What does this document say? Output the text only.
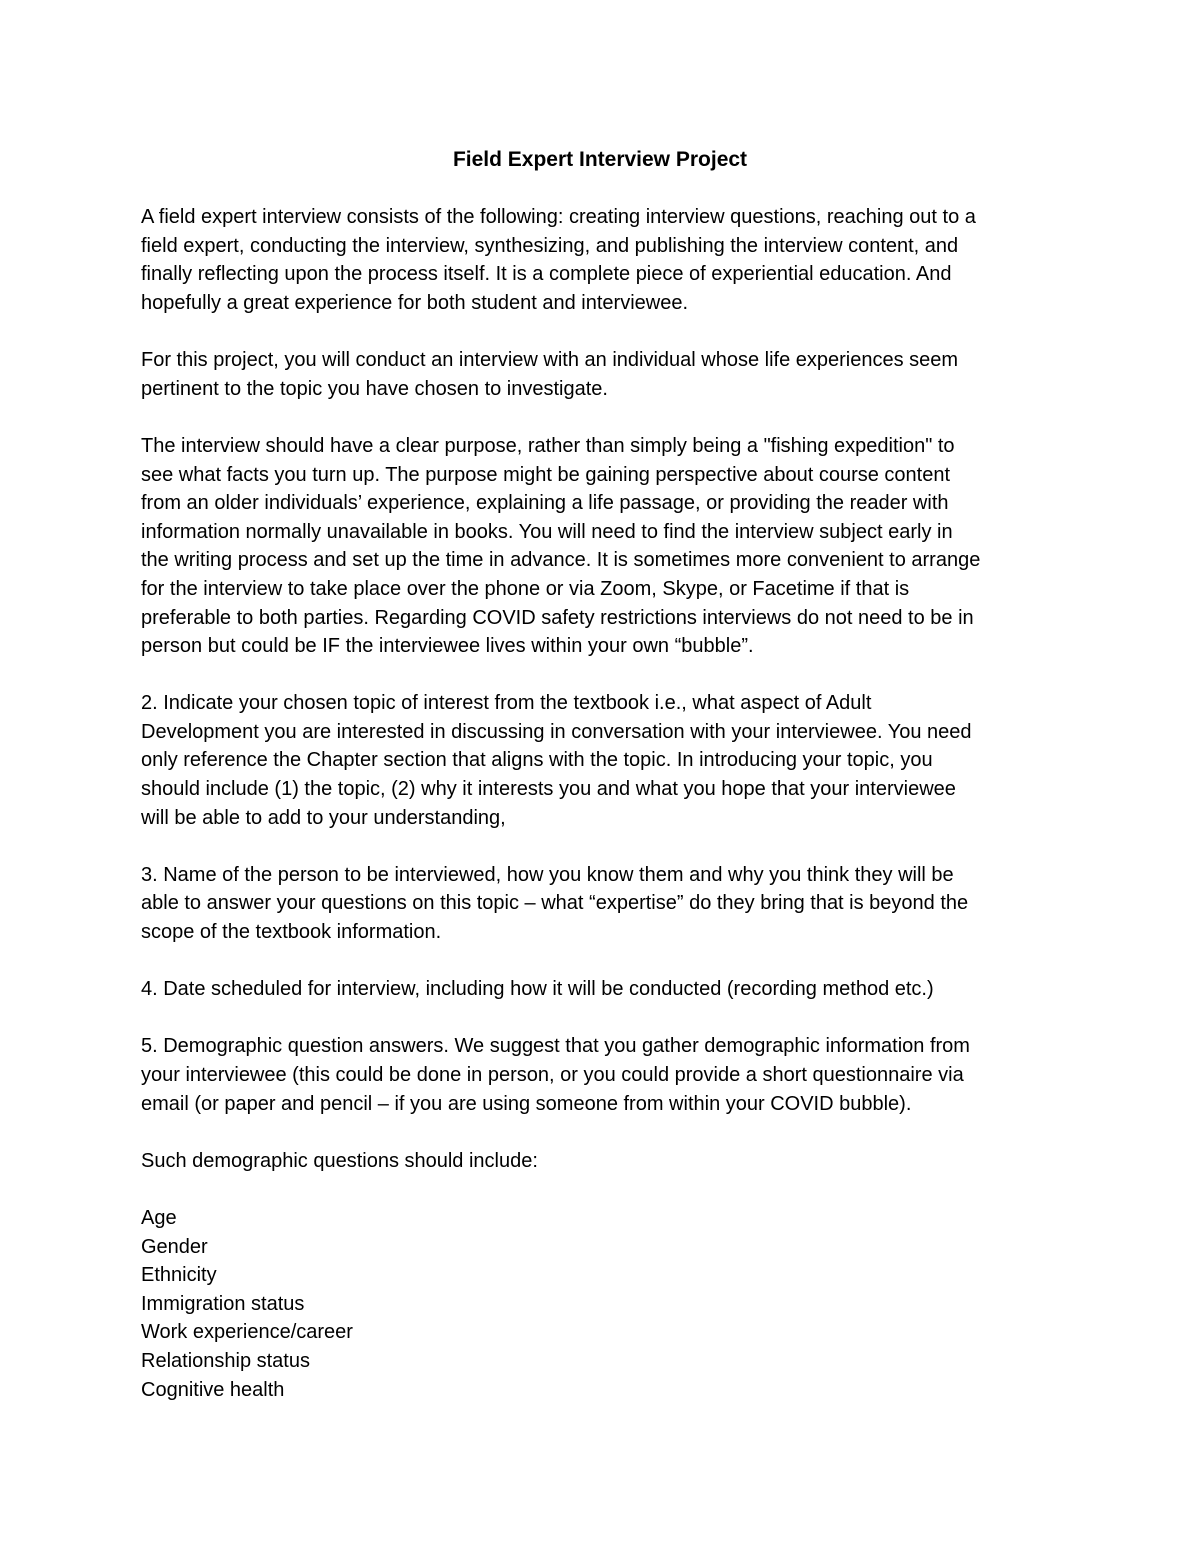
Field Expert Interview Project
A field expert interview consists of the following: creating interview questions, reaching out to a
field expert, conducting the interview, synthesizing, and publishing the interview content, and
finally reflecting upon the process itself. It is a complete piece of experiential education. And
hopefully a great experience for both student and interviewee.
For this project, you will conduct an interview with an individual whose life experiences seem
pertinent to the topic you have chosen to investigate.
The interview should have a clear purpose, rather than simply being a "fishing expedition" to
see what facts you turn up. The purpose might be gaining perspective about course content
from an older individuals’ experience, explaining a life passage, or providing the reader with
information normally unavailable in books. You will need to find the interview subject early in
the writing process and set up the time in advance. It is sometimes more convenient to arrange
for the interview to take place over the phone or via Zoom, Skype, or Facetime if that is
preferable to both parties. Regarding COVID safety restrictions interviews do not need to be in
person but could be IF the interviewee lives within your own “bubble”.
2. Indicate your chosen topic of interest from the textbook i.e., what aspect of Adult
Development you are interested in discussing in conversation with your interviewee. You need
only reference the Chapter section that aligns with the topic. In introducing your topic, you
should include (1) the topic, (2) why it interests you and what you hope that your interviewee
will be able to add to your understanding,
3. Name of the person to be interviewed, how you know them and why you think they will be
able to answer your questions on this topic – what “expertise” do they bring that is beyond the
scope of the textbook information.
4. Date scheduled for interview, including how it will be conducted (recording method etc.)
5. Demographic question answers. We suggest that you gather demographic information from
your interviewee (this could be done in person, or you could provide a short questionnaire via
email (or paper and pencil – if you are using someone from within your COVID bubble).
Such demographic questions should include:
Age
Gender
Ethnicity
Immigration status
Work experience/career
Relationship status
Cognitive health
